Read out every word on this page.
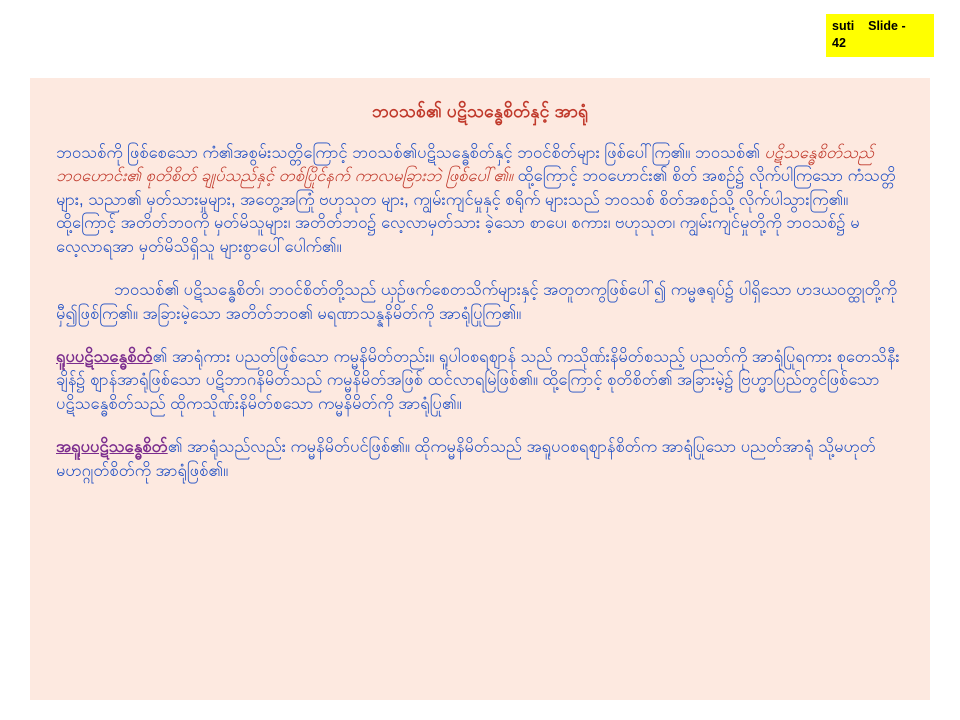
suti    Slide -
42
ဘဝသစ်၏ ပဋိသန္ဓေစိတ်နှင့် အာရုံ

ဘဝသစ်ကို ဖြစ်စေသော ကံ၏အစွမ်းသတ္တိကြောင့် ဘဝသစ်၏ပဋိသန္ဓေစိတ်နှင့် ဘဝင်စိတ်များ ဖြစ်ပေါ်ကြ၏။ ဘဝသစ်၏ ပဋိသန္ဓေစိတ်သည် ဘဝဟောင်း၏ စုတိစိတ် ချုပ်သည်နှင့် တစ်ပြိုင်နက် ကာလမခြားဘဲ ဖြစ်ပေါ်၏။ ထို့ကြောင့် ဘဝဟောင်း၏ စိတ် အစဉ်၌ လိုက်ပါကြသော ကံသတ္တိများ, သညာ၏ မှတ်သားမှုများ, အတွေ့အကြုံ ဗဟုသုတ များ, ကျွမ်းကျင်မှုနှင့် စရိုက် များသည် ဘဝသစ် စိတ်အစဉ်သို့ လိုက်ပါသွားကြ၏။ ထို့ကြောင့် အတိတ်ဘဝကို မှတ်မိသူများ၊ အတိတ်ဘဝ၌ လေ့လာမှတ်သား ခဲ့သော စာပေ၊ စကား၊ ဗဟုသုတ၊ ကျွမ်းကျင်မှုတို့ကို ဘဝသစ်၌ မလေ့လာရအာ မှတ်မိသိရှိသူ များစွာပေါ်ပေါက်၏။

ဘဝသစ်၏ ပဋိသန္ဓေစိတ်၊ ဘဝင်စိတ်တို့သည် ယှဉ်ဖက်စေတသိက်များနှင့် အတူတကွဖြစ်ပေါ်၍ ကမ္မဇရုပ်၌ ပါရှိသော ဟဒယဝတ္ထုတို့ကို မှီ၍ဖြစ်ကြ၏။ အခြားမဲ့သော အတိတ်ဘဝ၏ မရဏာသန္နနိမိတ်ကို အာရုံပြုကြ၏။

ရူပပဋိသန္ဓေစိတ်၏ အာရုံကား ပညတ်ဖြစ်သော ကမ္မနိမိတ်တည်း။ ရူပါဝစရစျာန် သည် ကသိုဏ်းနိမိတ်စသည့် ပညတ်ကို အာရုံပြုရကား စုတေသိနီးချိန်၌ ဈာန်အာရုံဖြစ်သော ပဋိဘာဂနိမိတ်သည် ကမ္မနိမိတ်အဖြစ် ထင်လာရမြဲဖြစ်၏။ ထို့ကြောင့် စုတိစိတ်၏ အခြားမဲ့၌ ဗြဟ္မာပြည်တွင်ဖြစ်သော ပဋိသန္ဓေစိတ်သည် ထိုကသိုဏ်းနိမိတ်စသော ကမ္မနိမိတ်ကို အာရုံပြု၏။

အရူပပဋိသန္ဓေစိတ်၏ အာရုံသည်လည်း ကမ္မနိမိတ်ပင်ဖြစ်၏။ ထိုကမ္မနိမိတ်သည် အရူပဝစရဈာန်စိတ်က အာရုံပြုသော ပညတ်အာရုံ သို့မဟုတ် မဟဂ္ဂုတ်စိတ်ကို အာရုံဖြစ်၏။
